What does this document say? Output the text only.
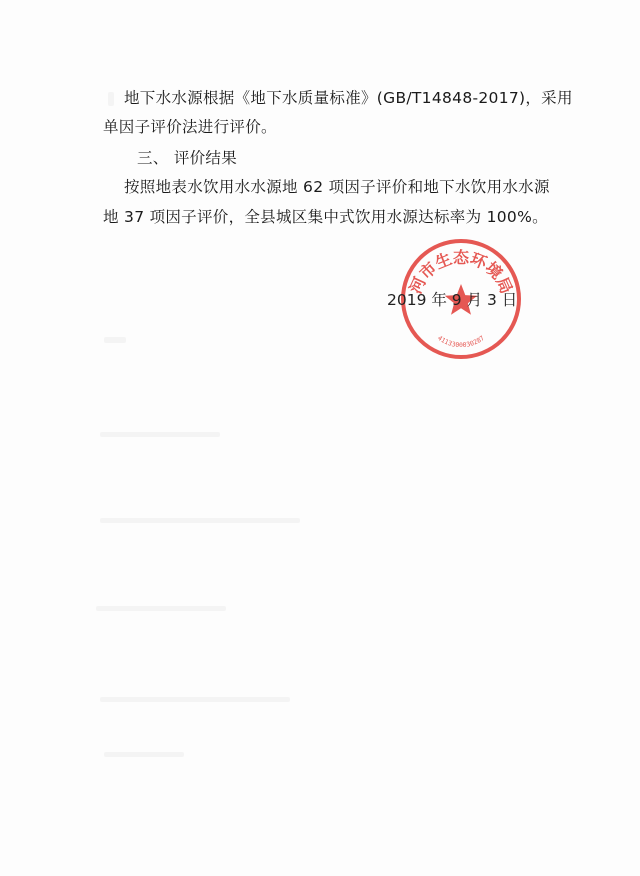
地下水水源根据《地下水质量标准》(GB/T14848-2017)，采用
单因子评价法进行评价。
三、 评价结果
按照地表水饮用水水源地 62 项因子评价和地下水饮用水水源
地 37 项因子评价，全县城区集中式饮用水源达标率为 100%。
河市生态环境局
4113300030287
2019 年 9 月 3 日
